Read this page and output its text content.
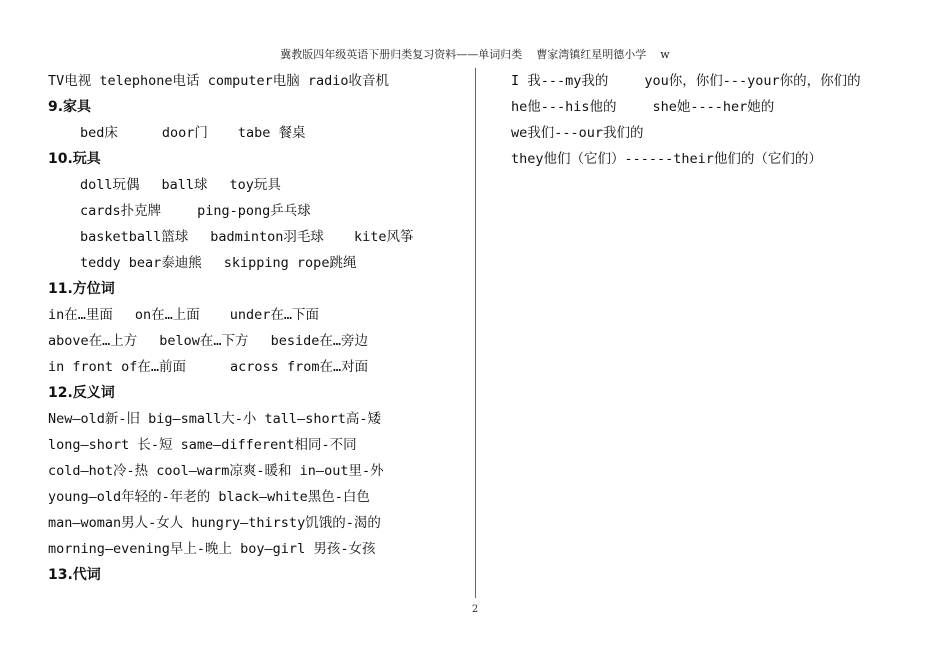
冀教版四年级英语下册归类复习资料——单词归类 曹家湾镇红星明德小学 w
TV电视 telephone电话 computer电脑 radio收音机
9.家具
bed床	door门 tabe 餐桌
10.玩具
doll玩偶 ball球 toy玩具
cards扑克牌	ping-pong乒乓球
basketball篮球 badminton羽毛球 kite风筝
teddy bear泰迪熊 skipping rope跳绳
11.方位词
in在…里面 on在…上面 under在…下面
above在…上方 below在…下方 beside在…旁边
in front of在…前面	across from在…对面
12.反义词
New—old新-旧 big—small大-小 tall—short高-矮
long—short 长-短 same—different相同-不同
cold—hot冷-热 cool—warm凉爽-暖和 in—out里-外
young—old年轻的-年老的 black—white黑色-白色
man—woman男人-女人 hungry—thirsty饥饿的-渴的
morning—evening早上-晚上 boy—girl 男孩-女孩
13.代词
I 我---my我的	you你，你们---your你的，你们的
he他---his他的	she她----her她的
we我们---our我们的
they他们（它们）------their他们的（它们的）
2
